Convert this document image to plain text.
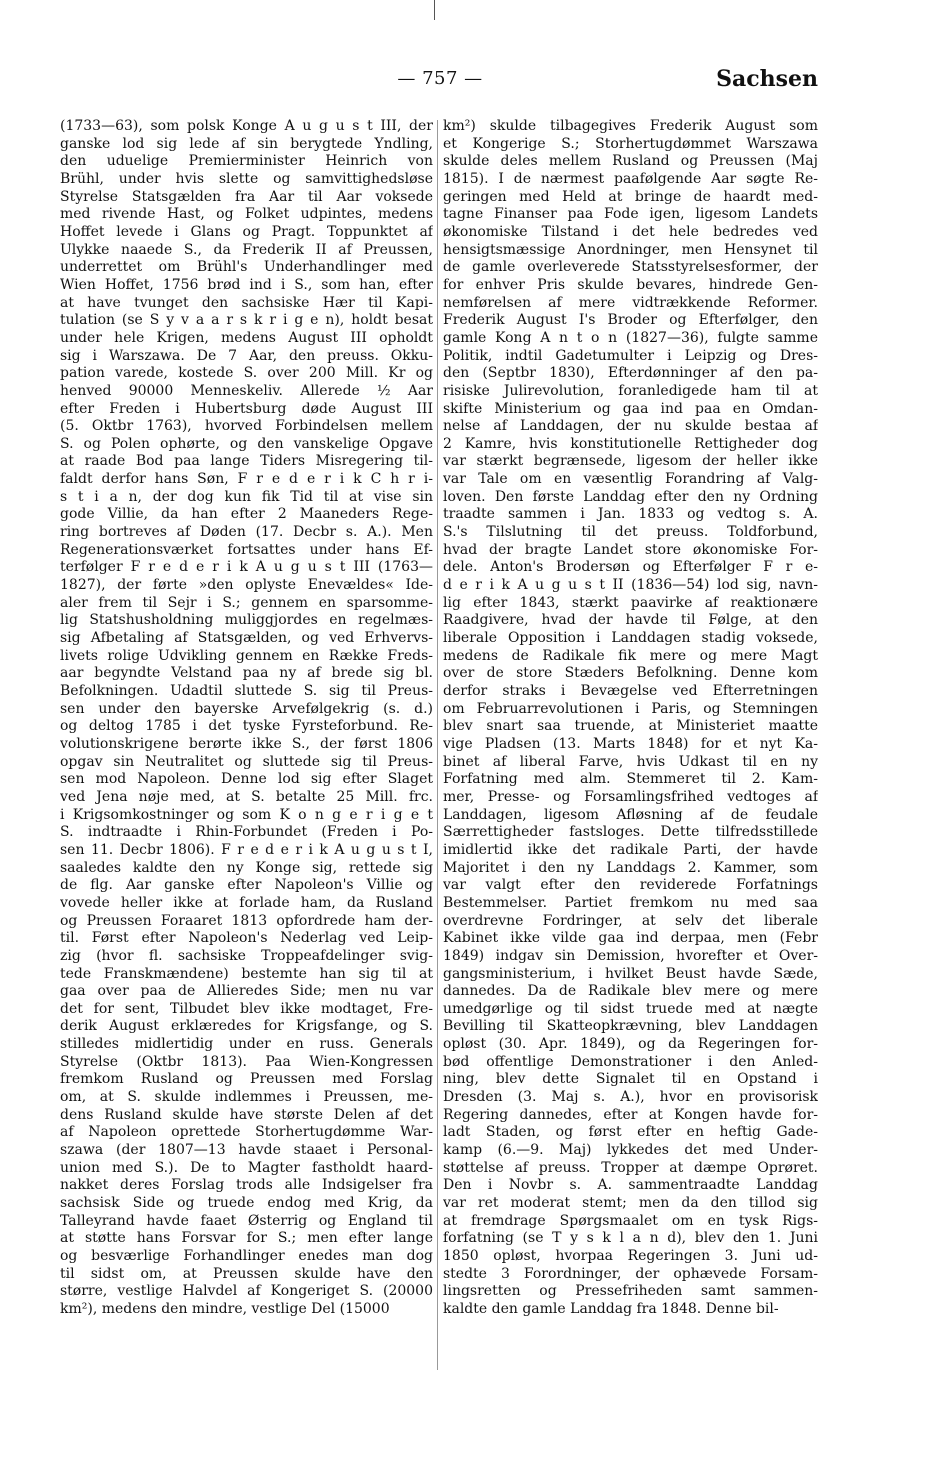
— 757 —	Sachsen
(1733—63), som polsk Konge A u g u s t III, der
ganske lod sig lede af sin berygtede Yndling,
den uduelige Premierminister Heinrich von
Brühl, under hvis slette og samvittighedsløse
Styrelse Statsgælden fra Aar til Aar voksede
med rivende Hast, og Folket udpintes, medens
Hoffet levede i Glans og Pragt. Toppunktet af
Ulykke naaede S., da Frederik II af Preussen,
underrettet om Brühl's Underhandlinger med
Wien Hoffet, 1756 brød ind i S., som han, efter
at have tvunget den sachsiske Hær til Kapi-
tulation (se S y v a a r s k r i g e n), holdt besat
under hele Krigen, medens August III opholdt
sig i Warszawa. De 7 Aar, den preuss. Okku-
pation varede, kostede S. over 200 Mill. Kr og
henved 90000 Menneskeliv. Allerede ½ Aar
efter Freden i Hubertsburg døde August III
(5. Oktbr 1763), hvorved Forbindelsen mellem
S. og Polen ophørte, og den vanskelige Opgave
at raade Bod paa lange Tiders Misregering til-
faldt derfor hans Søn, F r e d e r i k C h r i-
s t i a n, der dog kun fik Tid til at vise sin
gode Villie, da han efter 2 Maaneders Rege-
ring bortreves af Døden (17. Decbr s. A.). Men
Regenerationsværket fortsattes under hans Ef-
terfølger F r e d e r i k A u g u s t III (1763—
1827), der førte »den oplyste Enevældes« Ide-
aler frem til Sejr i S.; gennem en sparsomme-
lig Statshusholdning muliggjordes en regelmæs-
sig Afbetaling af Statsgælden, og ved Erhvervs-
livets rolige Udvikling gennem en Række Freds-
aar begyndte Velstand paa ny af brede sig bl.
Befolkningen. Udadtil sluttede S. sig til Preus-
sen under den bayerske Arvefølgekrig (s. d.)
og deltog 1785 i det tyske Fyrsteforbund. Re-
volutionskrigene berørte ikke S., der først 1806
opgav sin Neutralitet og sluttede sig til Preus-
sen mod Napoleon. Denne lod sig efter Slaget
ved Jena nøje med, at S. betalte 25 Mill. frc.
i Krigsomkostninger og som K o n g e r i g e t
S. indtraadte i Rhin-Forbundet (Freden i Po-
sen 11. Decbr 1806). F r e d e r i k A u g u s t I,
saaledes kaldte den ny Konge sig, rettede sig
de flg. Aar ganske efter Napoleon's Villie og
vovede heller ikke at forlade ham, da Rusland
og Preussen Foraaret 1813 opfordrede ham der-
til. Først efter Napoleon's Nederlag ved Leip-
zig (hvor fl. sachsiske Troppeafdelinger svig-
tede Franskmændene) bestemte han sig til at
gaa over paa de Allieredes Side; men nu var
det for sent, Tilbudet blev ikke modtaget, Fre-
derik August erklæredes for Krigsfange, og S.
stilledes midlertidig under en russ. Generals
Styrelse (Oktbr 1813). Paa Wien-Kongressen
fremkom Rusland og Preussen med Forslag
om, at S. skulde indlemmes i Preussen, me-
dens Rusland skulde have største Delen af det
af Napoleon oprettede Storhertugdømme War-
szawa (der 1807—13 havde staaet i Personal-
union med S.). De to Magter fastholdt haard-
nakket deres Forslag trods alle Indsigelser fra
sachsisk Side og truede endog med Krig, da
Talleyrand havde faaet Østerrig og England til
at støtte hans Forsvar for S.; men efter lange
og besværlige Forhandlinger enedes man dog
til sidst om, at Preussen skulde have den
større, vestlige Halvdel af Kongeriget S. (20000
km²), medens den mindre, vestlige Del (15000
km²) skulde tilbagegives Frederik August som
et Kongerige S.; Storhertugdømmet Warszawa
skulde deles mellem Rusland og Preussen (Maj
1815). I de nærmest paafølgende Aar søgte Re-
geringen med Held at bringe de haardt med-
tagne Finanser paa Fode igen, ligesom Landets
økonomiske Tilstand i det hele bedredes ved
hensigtsmæssige Anordninger, men Hensynet til
de gamle overleverede Statsstyrelsesformer, der
for enhver Pris skulde bevares, hindrede Gen-
nemførelsen af mere vidtrækkende Reformer.
Frederik August I's Broder og Efterfølger, den
gamle Kong A n t o n (1827—36), fulgte samme
Politik, indtil Gadetumulter i Leipzig og Dres-
den (Septbr 1830), Efterdønninger af den pa-
risiske Julirevolution, foranledigede ham til at
skifte Ministerium og gaa ind paa en Omdan-
nelse af Landdagen, der nu skulde bestaa af
2 Kamre, hvis konstitutionelle Rettigheder dog
var stærkt begrænsede, ligesom der heller ikke
var Tale om en væsentlig Forandring af Valg-
loven. Den første Landdag efter den ny Ordning
traadte sammen i Jan. 1833 og vedtog s. A.
S.'s Tilslutning til det preuss. Toldforbund,
hvad der bragte Landet store økonomiske For-
dele. Anton's Brodersøn og Efterfølger F r e-
d e r i k A u g u s t II (1836—54) lod sig, navn-
lig efter 1843, stærkt paavirke af reaktionære
Raadgivere, hvad der havde til Følge, at den
liberale Opposition i Landdagen stadig voksede,
medens de Radikale fik mere og mere Magt
over de store Stæders Befolkning. Denne kom
derfor straks i Bevægelse ved Efterretningen
om Februarrevolutionen i Paris, og Stemningen
blev snart saa truende, at Ministeriet maatte
vige Pladsen (13. Marts 1848) for et nyt Ka-
binet af liberal Farve, hvis Udkast til en ny
Forfatning med alm. Stemmeret til 2. Kam-
mer, Presse- og Forsamlingsfrihed vedtoges af
Landdagen, ligesom Afløsning af de feudale
Særrettigheder fastsloges. Dette tilfredsstillede
imidlertid ikke det radikale Parti, der havde
Majoritet i den ny Landdags 2. Kammer, som
var valgt efter den reviderede Forfatnings
Bestemmelser. Partiet fremkom nu med saa
overdrevne Fordringer, at selv det liberale
Kabinet ikke vilde gaa ind derpaa, men (Febr
1849) indgav sin Demission, hvorefter et Over-
gangsministerium, i hvilket Beust havde Sæde,
dannedes. Da de Radikale blev mere og mere
umedgørlige og til sidst truede med at nægte
Bevilling til Skatteopkrævning, blev Landdagen
opløst (30. Apr. 1849), og da Regeringen for-
bød offentlige Demonstrationer i den Anled-
ning, blev dette Signalet til en Opstand i
Dresden (3. Maj s. A.), hvor en provisorisk
Regering dannedes, efter at Kongen havde for-
ladt Staden, og først efter en heftig Gade-
kamp (6.—9. Maj) lykkedes det med Under-
støttelse af preuss. Tropper at dæmpe Oprøret.
Den i Novbr s. A. sammentraadte Landdag
var ret moderat stemt; men da den tillod sig
at fremdrage Spørgsmaalet om en tysk Rigs-
forfatning (se T y s k l a n d), blev den 1. Juni
1850 opløst, hvorpaa Regeringen 3. Juni ud-
stedte 3 Forordninger, der ophævede Forsam-
lingsretten og Pressefriheden samt sammen-
kaldte den gamle Landdag fra 1848. Denne bil-
